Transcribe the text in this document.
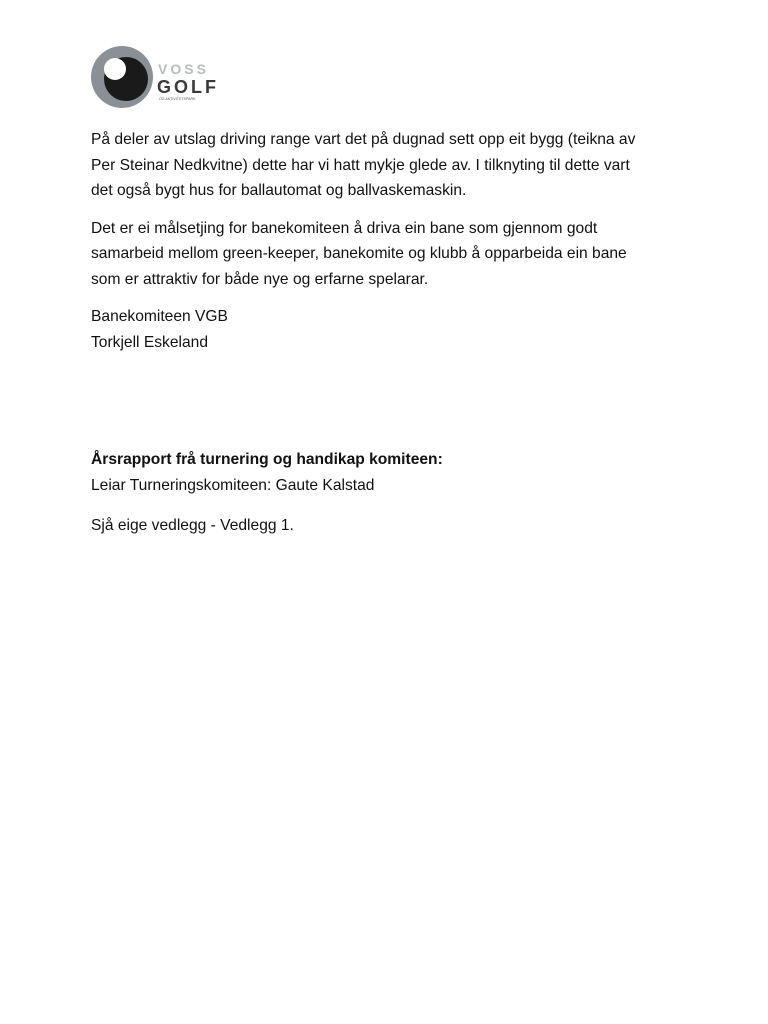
VOSS
GOLF
OG AKTIVITETSPARK

På deler av utslag driving range vart det på dugnad sett opp eit bygg (teikna av
Per Steinar Nedkvitne) dette har vi hatt mykje glede av. I tilknyting til dette vart
det også bygt hus for ballautomat og ballvaskemaskin.

Det er ei målsetjing for banekomiteen å driva ein bane som gjennom godt
samarbeid mellom green-keeper, banekomite og klubb å opparbeida ein bane
som er attraktiv for både nye og erfarne spelarar.

Banekomiteen VGB
Torkjell Eskeland
Årsrapport frå turnering og handikap komiteen:
Leiar Turneringskomiteen: Gaute Kalstad
Sjå eige vedlegg - Vedlegg 1.
